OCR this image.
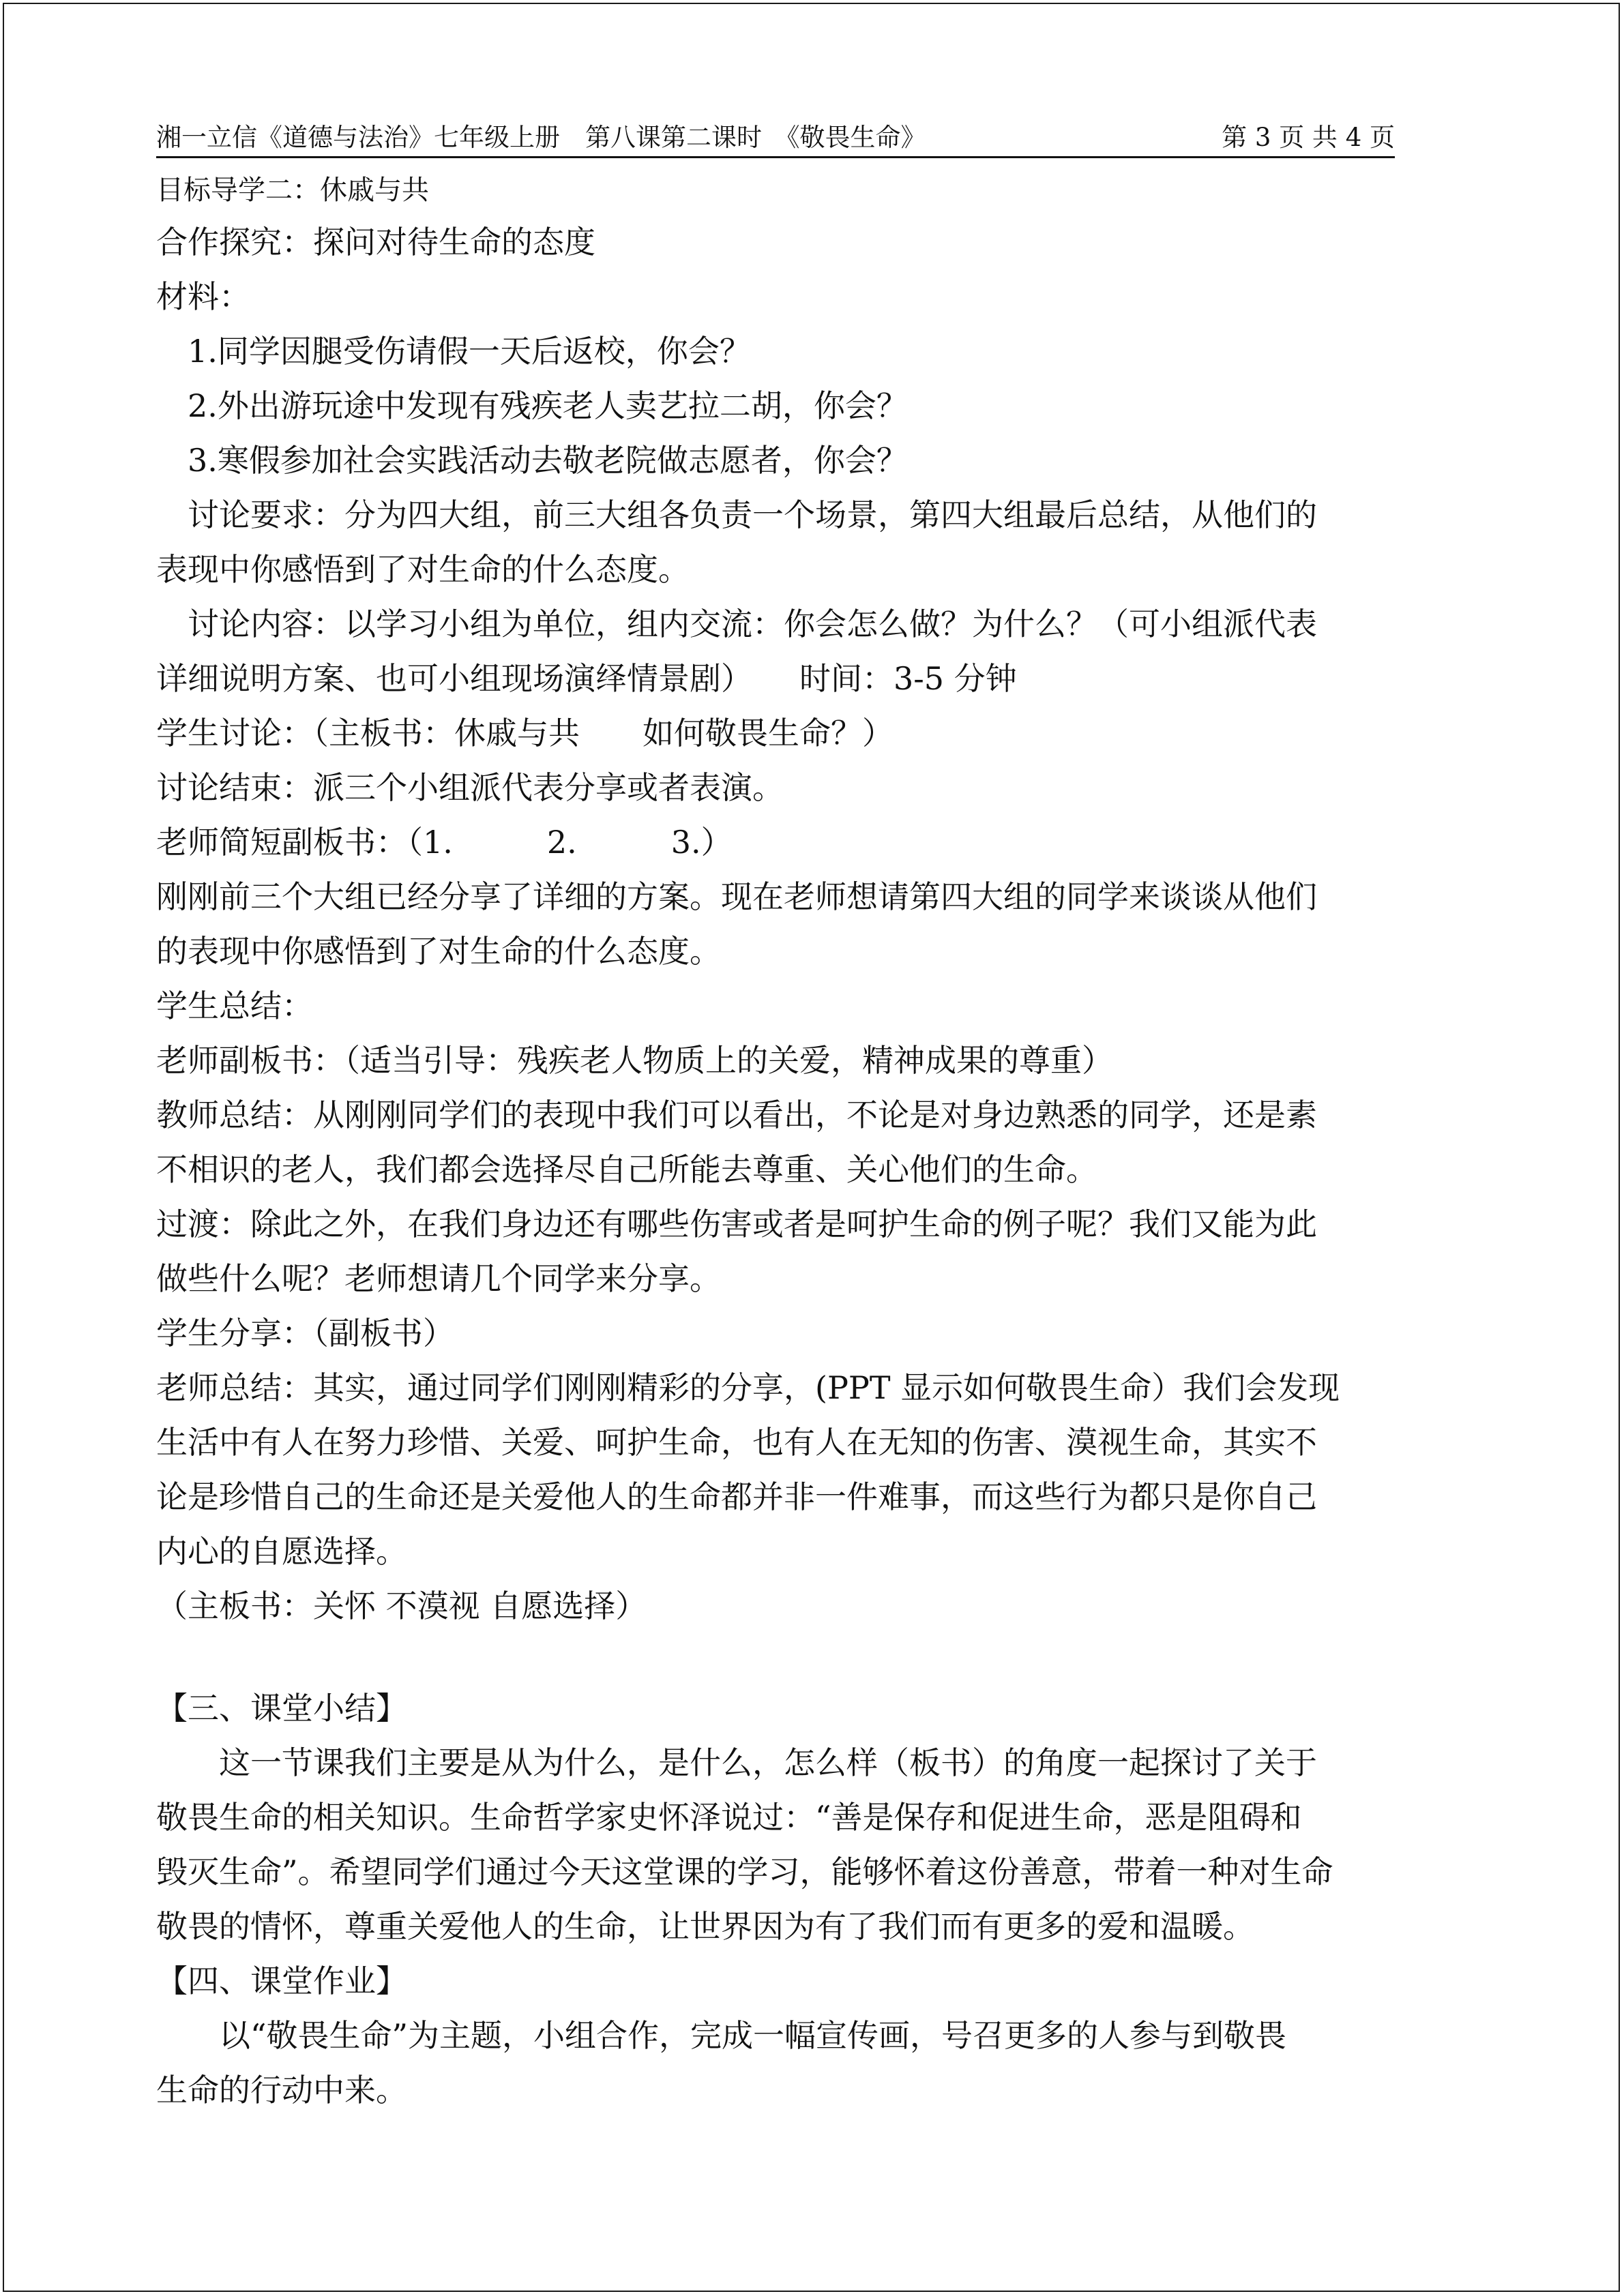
湘一立信《道德与法治》七年级上册　第八课第二课时　《敬畏生命》	第 3 页 共 4 页
目标导学二：休戚与共
合作探究：探问对待生命的态度
材料：
　1.同学因腿受伤请假一天后返校，你会？
　2.外出游玩途中发现有残疾老人卖艺拉二胡，你会？
　3.寒假参加社会实践活动去敬老院做志愿者，你会？
　讨论要求：分为四大组，前三大组各负责一个场景，第四大组最后总结，从他们的
表现中你感悟到了对生命的什么态度。
　讨论内容：以学习小组为单位，组内交流：你会怎么做？为什么？（可小组派代表
详细说明方案、也可小组现场演绎情景剧）　　时间：3-5 分钟
学生讨论：（主板书：休戚与共　　如何敬畏生命？）
讨论结束：派三个小组派代表分享或者表演。
老师简短副板书：（1.　　　2.　　　3.）
刚刚前三个大组已经分享了详细的方案。现在老师想请第四大组的同学来谈谈从他们
的表现中你感悟到了对生命的什么态度。
学生总结：
老师副板书：（适当引导：残疾老人物质上的关爱，精神成果的尊重）
教师总结：从刚刚同学们的表现中我们可以看出，不论是对身边熟悉的同学，还是素
不相识的老人，我们都会选择尽自己所能去尊重、关心他们的生命。
过渡：除此之外，在我们身边还有哪些伤害或者是呵护生命的例子呢？我们又能为此
做些什么呢？老师想请几个同学来分享。
学生分享：（副板书）
老师总结：其实，通过同学们刚刚精彩的分享，(PPT 显示如何敬畏生命）我们会发现
生活中有人在努力珍惜、关爱、呵护生命，也有人在无知的伤害、漠视生命，其实不
论是珍惜自己的生命还是关爱他人的生命都并非一件难事，而这些行为都只是你自己
内心的自愿选择。
（主板书：关怀 不漠视 自愿选择）
【三、课堂小结】
　　这一节课我们主要是从为什么，是什么，怎么样（板书）的角度一起探讨了关于
敬畏生命的相关知识。生命哲学家史怀泽说过：“善是保存和促进生命，恶是阻碍和
毁灭生命”。希望同学们通过今天这堂课的学习，能够怀着这份善意，带着一种对生命
敬畏的情怀，尊重关爱他人的生命，让世界因为有了我们而有更多的爱和温暖。
【四、课堂作业】
　　以“敬畏生命”为主题，小组合作，完成一幅宣传画，号召更多的人参与到敬畏
生命的行动中来。
